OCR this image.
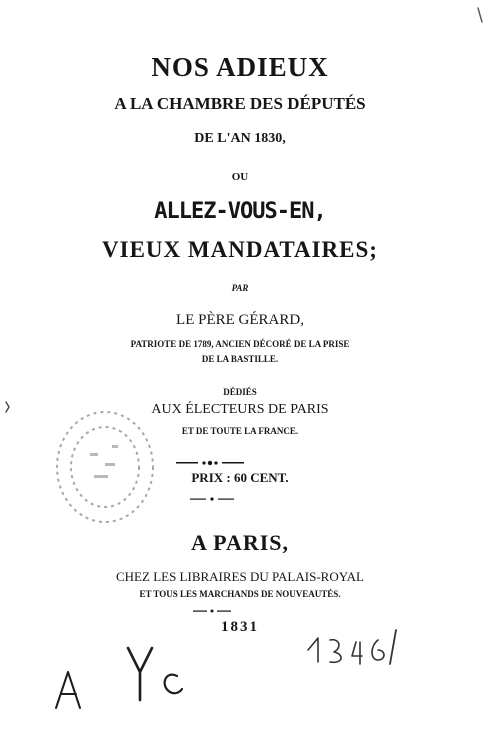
NOS ADIEUX
A LA CHAMBRE DES DÉPUTÉS
DE L'AN 1830,
OU
ALLEZ-VOUS-EN,
VIEUX MANDATAIRES;
PAR
LE PÈRE GÉRARD,
PATRIOTE DE 1789, ANCIEN DÉCORÉ DE LA PRISE
DE LA BASTILLE.
DÉDIÉS
AUX ÉLECTEURS DE PARIS
ET DE TOUTE LA FRANCE.
PRIX : 60 CENT.
A PARIS,
CHEZ LES LIBRAIRES DU PALAIS-ROYAL
ET TOUS LES MARCHANDS DE NOUVEAUTÉS.
1831
